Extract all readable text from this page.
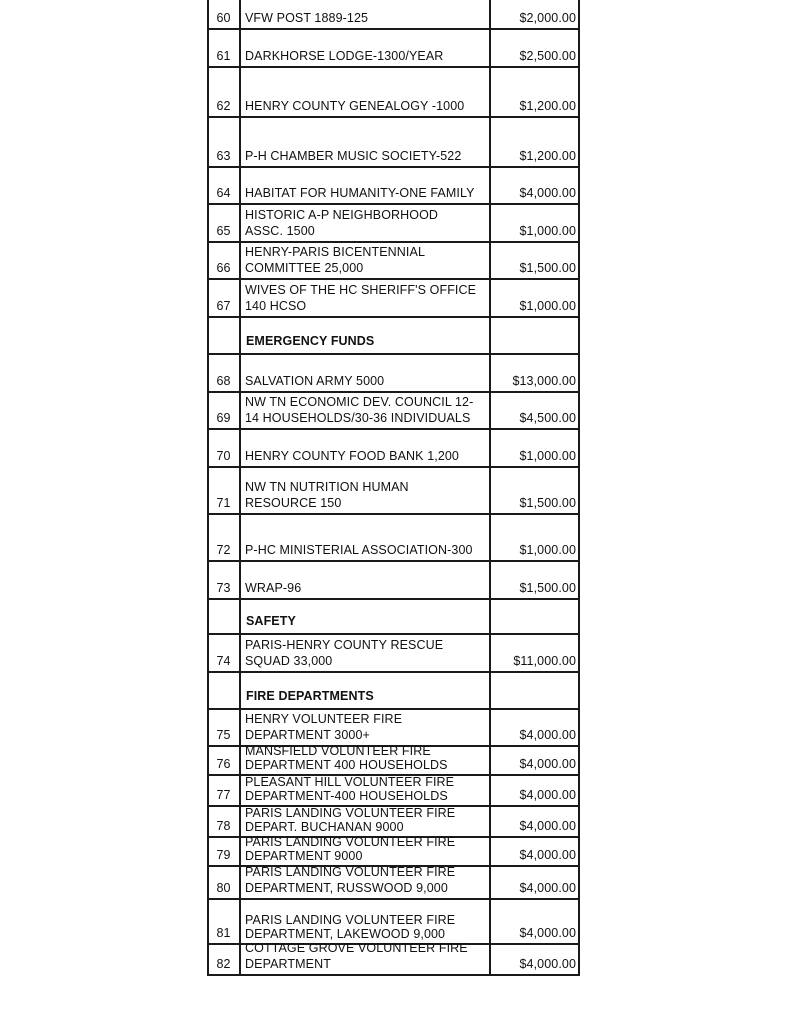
60	VFW POST 1889-125	$2,000.00
61	DARKHORSE LODGE-1300/YEAR	$2,500.00
62	HENRY COUNTY GENEALOGY -1000	$1,200.00
63	P-H CHAMBER MUSIC SOCIETY-522	$1,200.00
64	HABITAT FOR HUMANITY-ONE FAMILY	$4,000.00
65
HISTORIC A-P NEIGHBORHOOD
ASSC. 1500	$1,000.00
66
HENRY-PARIS BICENTENNIAL
COMMITTEE 25,000	$1,500.00
67
WIVES OF THE HC SHERIFF'S OFFICE
140 HCSO	$1,000.00
EMERGENCY FUNDS
68	SALVATION ARMY 5000	$13,000.00
69
NW TN ECONOMIC DEV. COUNCIL 12-
14 HOUSEHOLDS/30-36 INDIVIDUALS	$4,500.00
70	HENRY COUNTY FOOD BANK 1,200	$1,000.00
71
NW TN NUTRITION HUMAN
RESOURCE 150	$1,500.00
72	P-HC MINISTERIAL ASSOCIATION-300	$1,000.00
73	WRAP-96	$1,500.00
SAFETY
74
PARIS-HENRY COUNTY RESCUE
SQUAD 33,000	$11,000.00
FIRE DEPARTMENTS
75
HENRY VOLUNTEER FIRE
DEPARTMENT 3000+	$4,000.00
76
MANSFIELD VOLUNTEER FIRE
DEPARTMENT 400 HOUSEHOLDS	$4,000.00
77
PLEASANT HILL VOLUNTEER FIRE
DEPARTMENT-400 HOUSEHOLDS	$4,000.00
78
PARIS LANDING VOLUNTEER FIRE
DEPART. BUCHANAN 9000	$4,000.00
79
PARIS LANDING VOLUNTEER FIRE
DEPARTMENT 9000	$4,000.00
80
PARIS LANDING VOLUNTEER FIRE
DEPARTMENT, RUSSWOOD 9,000	$4,000.00
81
PARIS LANDING VOLUNTEER FIRE
DEPARTMENT, LAKEWOOD 9,000	$4,000.00
82
COTTAGE GROVE VOLUNTEER FIRE
DEPARTMENT	$4,000.00
